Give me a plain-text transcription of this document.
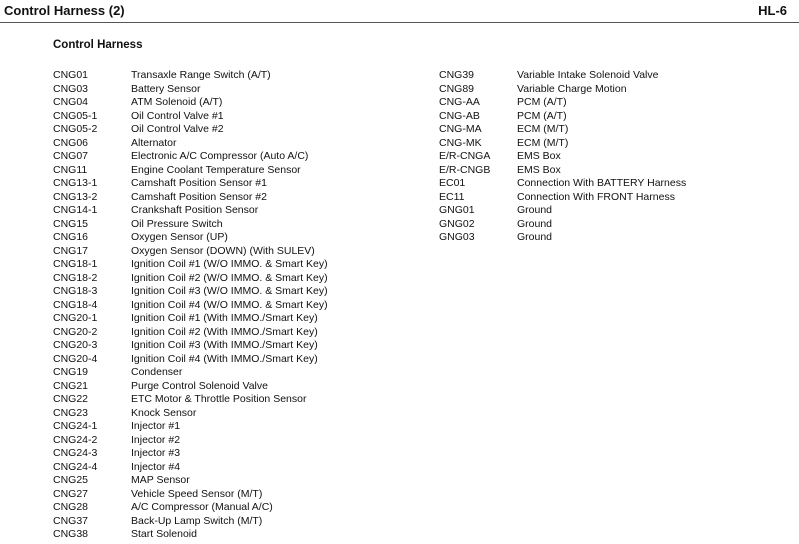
Control Harness (2)	HL-6
Control Harness
CNG01	Transaxle Range Switch (A/T)
CNG03	Battery Sensor
CNG04	ATM Solenoid (A/T)
CNG05-1	Oil Control Valve #1
CNG05-2	Oil Control Valve #2
CNG06	Alternator
CNG07	Electronic A/C Compressor (Auto A/C)
CNG11	Engine Coolant Temperature Sensor
CNG13-1	Camshaft Position Sensor #1
CNG13-2	Camshaft Position Sensor #2
CNG14-1	Crankshaft Position Sensor
CNG15	Oil Pressure Switch
CNG16	Oxygen Sensor (UP)
CNG17	Oxygen Sensor (DOWN) (With SULEV)
CNG18-1	Ignition Coil #1 (W/O IMMO. & Smart Key)
CNG18-2	Ignition Coil #2 (W/O IMMO. & Smart Key)
CNG18-3	Ignition Coil #3 (W/O IMMO. & Smart Key)
CNG18-4	Ignition Coil #4 (W/O IMMO. & Smart Key)
CNG20-1	Ignition Coil #1 (With IMMO./Smart Key)
CNG20-2	Ignition Coil #2 (With IMMO./Smart Key)
CNG20-3	Ignition Coil #3 (With IMMO./Smart Key)
CNG20-4	Ignition Coil #4 (With IMMO./Smart Key)
CNG19	Condenser
CNG21	Purge Control Solenoid Valve
CNG22	ETC Motor & Throttle Position Sensor
CNG23	Knock Sensor
CNG24-1	Injector #1
CNG24-2	Injector #2
CNG24-3	Injector #3
CNG24-4	Injector #4
CNG25	MAP Sensor
CNG27	Vehicle Speed Sensor (M/T)
CNG28	A/C Compressor (Manual A/C)
CNG37	Back-Up Lamp Switch (M/T)
CNG38	Start Solenoid
CNG39	Variable Intake Solenoid Valve
CNG89	Variable Charge Motion
CNG-AA	PCM (A/T)
CNG-AB	PCM (A/T)
CNG-MA	ECM (M/T)
CNG-MK	ECM (M/T)
E/R-CNGA	EMS Box
E/R-CNGB	EMS Box
EC01	Connection With BATTERY Harness
EC11	Connection With FRONT Harness
GNG01	Ground
GNG02	Ground
GNG03	Ground
